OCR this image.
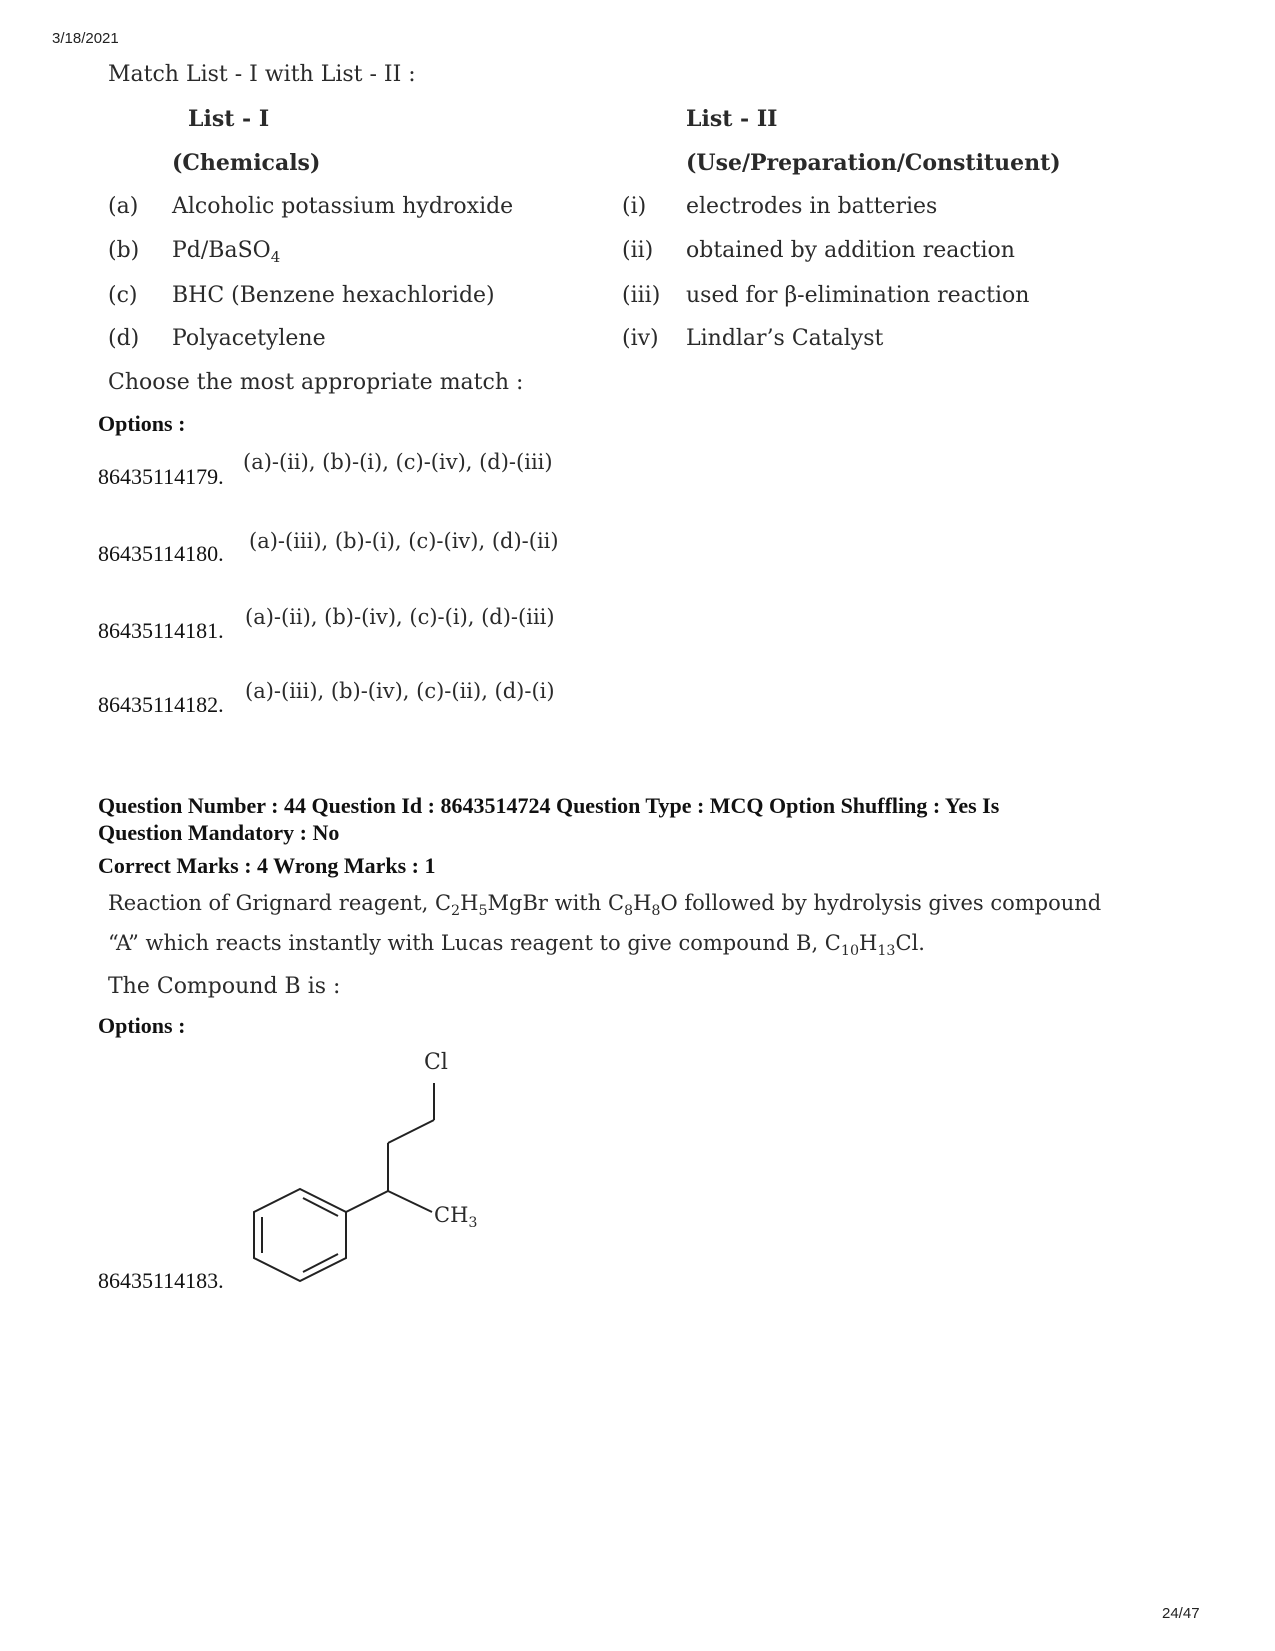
3/18/2021
Match List - I with List - II :
List - I	List - II
(Chemicals)	(Use/Preparation/Constituent)
(a) Alcoholic potassium hydroxide	(i) electrodes in batteries
(b) Pd/BaSO$_4$	(ii) obtained by addition reaction
(c) BHC (Benzene hexachloride)	(iii) used for β-elimination reaction
(d) Polyacetylene	(iv) Lindlar’s Catalyst
Choose the most appropriate match :
Options :
86435114179.
(a)-(ii), (b)-(i), (c)-(iv), (d)-(iii)
86435114180. (a)-(iii), (b)-(i), (c)-(iv), (d)-(ii)
86435114181.
(a)-(ii), (b)-(iv), (c)-(i), (d)-(iii)
86435114182.
(a)-(iii), (b)-(iv), (c)-(ii), (d)-(i)
Question Number : 44 Question Id : 8643514724 Question Type : MCQ Option Shuffling : Yes Is
Question Mandatory : No
Correct Marks : 4 Wrong Marks : 1
Reaction of Grignard reagent, $C_2H_5MgBr$ with $C_8H_8O$ followed by hydrolysis gives compound
“A” which reacts instantly with Lucas reagent to give compound B, $C_{10}H_{13}Cl$.
The Compound B is :
Options :
86435114183.
Cl
$CH_3$
24/47
